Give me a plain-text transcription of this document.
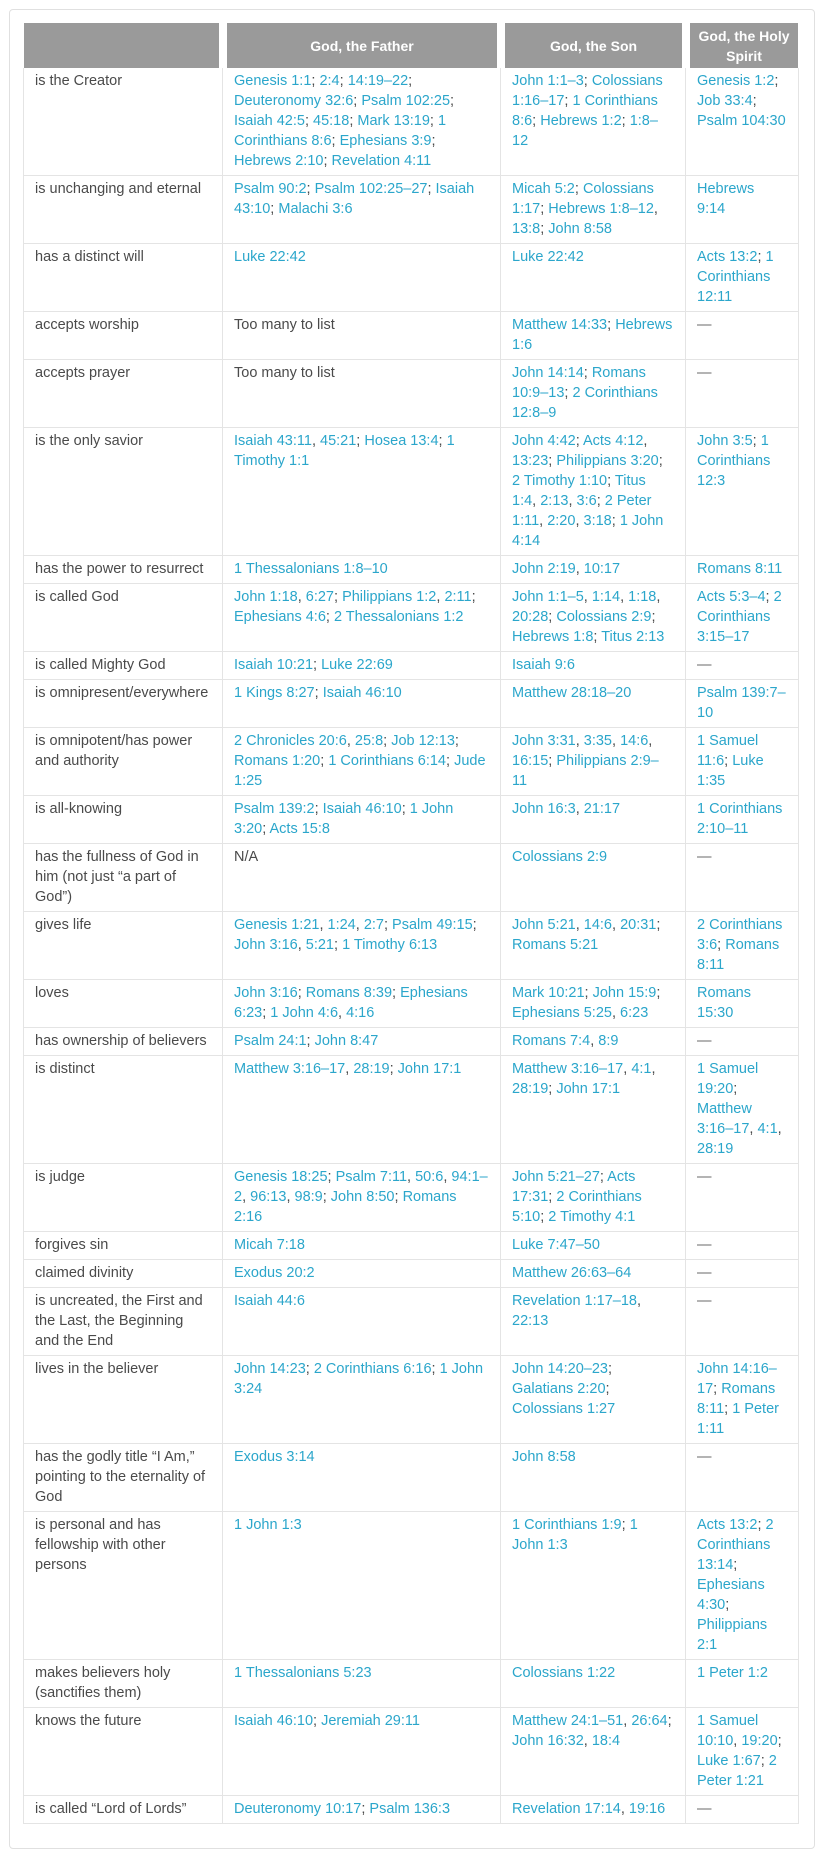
	God, the Father	God, the Son	God, the Holy Spirit
is the Creator	Genesis 1:1; 2:4; 14:19–22; Deuteronomy 32:6; Psalm 102:25; Isaiah 42:5; 45:18; Mark 13:19; 1 Corinthians 8:6; Ephesians 3:9; Hebrews 2:10; Revelation 4:11	John 1:1–3; Colossians 1:16–17; 1 Corinthians 8:6; Hebrews 1:2; 1:8–12	Genesis 1:2; Job 33:4; Psalm 104:30
is unchanging and eternal	Psalm 90:2; Psalm 102:25–27; Isaiah 43:10; Malachi 3:6	Micah 5:2; Colossians 1:17; Hebrews 1:8–12, 13:8; John 8:58	Hebrews 9:14
has a distinct will	Luke 22:42	Luke 22:42	Acts 13:2; 1 Corinthians 12:11
accepts worship	Too many to list	Matthew 14:33; Hebrews 1:6	—
accepts prayer	Too many to list	John 14:14; Romans 10:9–13; 2 Corinthians 12:8–9	—
is the only savior	Isaiah 43:11, 45:21; Hosea 13:4; 1 Timothy 1:1	John 4:42; Acts 4:12, 13:23; Philippians 3:20; 2 Timothy 1:10; Titus 1:4, 2:13, 3:6; 2 Peter 1:11, 2:20, 3:18; 1 John 4:14	John 3:5; 1 Corinthians 12:3
has the power to resurrect	1 Thessalonians 1:8–10	John 2:19, 10:17	Romans 8:11
is called God	John 1:18, 6:27; Philippians 1:2, 2:11; Ephesians 4:6; 2 Thessalonians 1:2	John 1:1–5, 1:14, 1:18, 20:28; Colossians 2:9; Hebrews 1:8; Titus 2:13	Acts 5:3–4; 2 Corinthians 3:15–17
is called Mighty God	Isaiah 10:21; Luke 22:69	Isaiah 9:6	—
is omnipresent/everywhere	1 Kings 8:27; Isaiah 46:10	Matthew 28:18–20	Psalm 139:7–10
is omnipotent/has power and authority	2 Chronicles 20:6, 25:8; Job 12:13; Romans 1:20; 1 Corinthians 6:14; Jude 1:25	John 3:31, 3:35, 14:6, 16:15; Philippians 2:9–11	1 Samuel 11:6; Luke 1:35
is all-knowing	Psalm 139:2; Isaiah 46:10; 1 John 3:20; Acts 15:8	John 16:3, 21:17	1 Corinthians 2:10–11
has the fullness of God in him (not just “a part of God”)	N/A	Colossians 2:9	—
gives life	Genesis 1:21, 1:24, 2:7; Psalm 49:15; John 3:16, 5:21; 1 Timothy 6:13	John 5:21, 14:6, 20:31; Romans 5:21	2 Corinthians 3:6; Romans 8:11
loves	John 3:16; Romans 8:39; Ephesians 6:23; 1 John 4:6, 4:16	Mark 10:21; John 15:9; Ephesians 5:25, 6:23	Romans 15:30
has ownership of believers	Psalm 24:1; John 8:47	Romans 7:4, 8:9	—
is distinct	Matthew 3:16–17, 28:19; John 17:1	Matthew 3:16–17, 4:1, 28:19; John 17:1	1 Samuel 19:20; Matthew 3:16–17, 4:1, 28:19
is judge	Genesis 18:25; Psalm 7:11, 50:6, 94:1–2, 96:13, 98:9; John 8:50; Romans 2:16	John 5:21–27; Acts 17:31; 2 Corinthians 5:10; 2 Timothy 4:1	—
forgives sin	Micah 7:18	Luke 7:47–50	—
claimed divinity	Exodus 20:2	Matthew 26:63–64	—
is uncreated, the First and the Last, the Beginning and the End	Isaiah 44:6	Revelation 1:17–18, 22:13	—
lives in the believer	John 14:23; 2 Corinthians 6:16; 1 John 3:24	John 14:20–23; Galatians 2:20; Colossians 1:27	John 14:16–17; Romans 8:11; 1 Peter 1:11
has the godly title “I Am,” pointing to the eternality of God	Exodus 3:14	John 8:58	—
is personal and has fellowship with other persons	1 John 1:3	1 Corinthians 1:9; 1 John 1:3	Acts 13:2; 2 Corinthians 13:14; Ephesians 4:30; Philippians 2:1
makes believers holy (sanctifies them)	1 Thessalonians 5:23	Colossians 1:22	1 Peter 1:2
knows the future	Isaiah 46:10; Jeremiah 29:11	Matthew 24:1–51, 26:64; John 16:32, 18:4	1 Samuel 10:10, 19:20; Luke 1:67; 2 Peter 1:21
is called “Lord of Lords”	Deuteronomy 10:17; Psalm 136:3	Revelation 17:14, 19:16	—
